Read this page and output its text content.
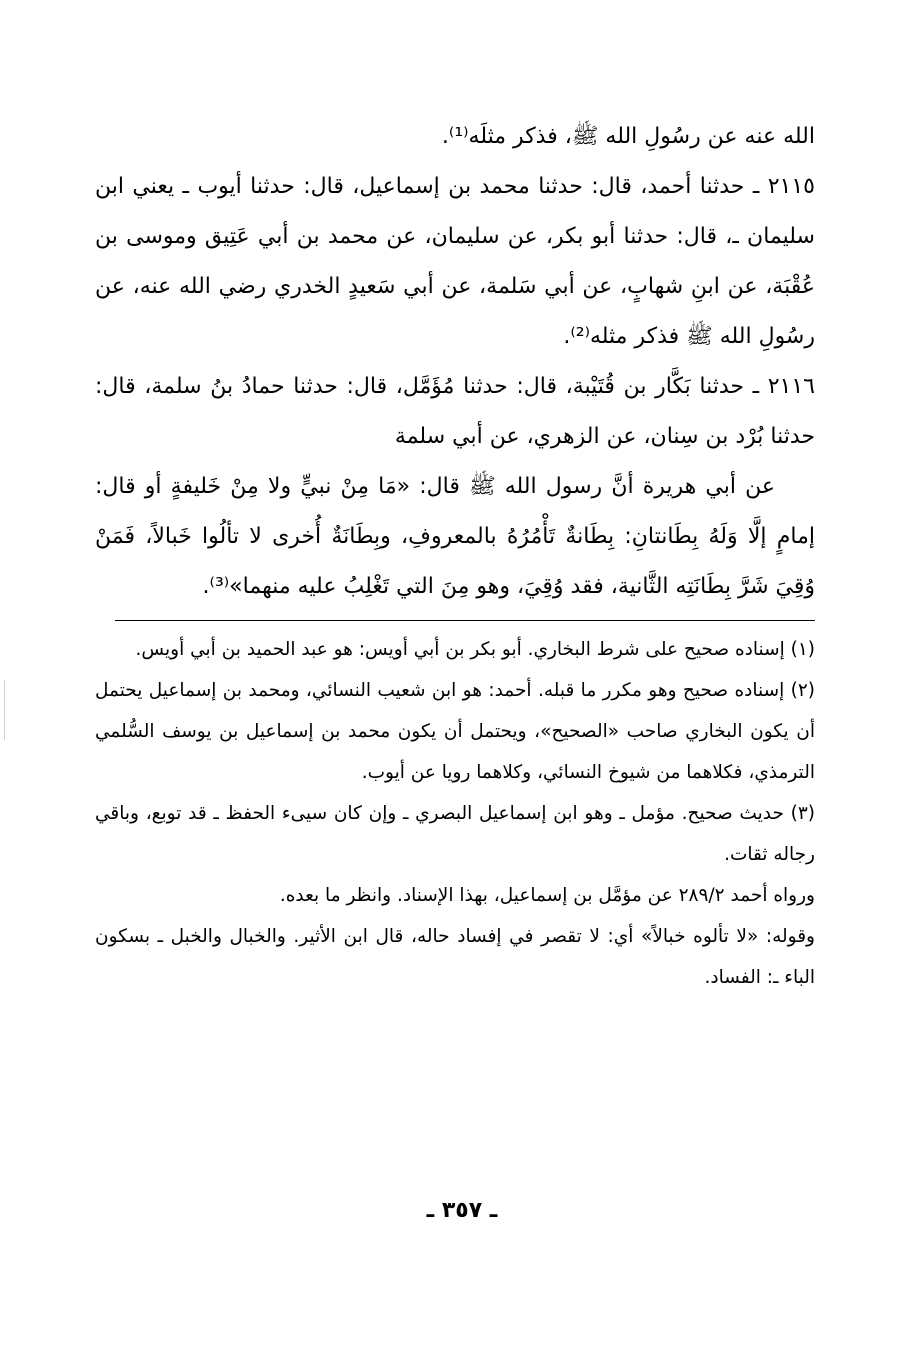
الله عنه عن رسُولِ الله ﷺ، فذكر مثلَه⁽¹⁾.

٢١١٥ ـ حدثنا أحمد، قال: حدثنا محمد بن إسماعيل، قال: حدثنا أيوب ـ يعني ابن سليمان ـ، قال: حدثنا أبو بكر، عن سليمان، عن محمد بن أبي عَتِيق وموسى بن عُقْبَة، عن ابنِ شهابٍ، عن أبي سَلمة، عن أبي سَعيدٍ الخدري رضي الله عنه، عن رسُولِ الله ﷺ فذكر مثله⁽²⁾.

٢١١٦ ـ حدثنا بَكَّار بن قُتَيْبة، قال: حدثنا مُؤَمَّل، قال: حدثنا حمادُ بنُ سلمة، قال: حدثنا بُرْد بن سِنان، عن الزهري، عن أبي سلمة

عن أبي هريرة أنَّ رسول الله ﷺ قال: «مَا مِنْ نبيٍّ ولا مِنْ خَليفةٍ أو قال: إمامٍ إلَّا وَلَهُ بِطَانتانِ: بِطَانةٌ تَأْمُرُهُ بالمعروفِ، وبِطَانَةٌ أُخرى لا تألُوا خَبالاً، فَمَنْ وُقِيَ شَرَّ بِطَانَتِه الثَّانية، فقد وُقِيَ، وهو مِنَ التي تَغْلِبُ عليه منهما»⁽³⁾.

(١) إسناده صحيح على شرط البخاري. أبو بكر بن أبي أويس: هو عبد الحميد بن أبي أويس.

(٢) إسناده صحيح وهو مكرر ما قبله. أحمد: هو ابن شعيب النسائي، ومحمد بن إسماعيل يحتمل أن يكون البخاري صاحب «الصحيح»، ويحتمل أن يكون محمد بن إسماعيل بن يوسف السُّلمي الترمذي، فكلاهما من شيوخ النسائي، وكلاهما رويا عن أيوب.

(٣) حديث صحيح. مؤمل ـ وهو ابن إسماعيل البصري ـ وإن كان سيىء الحفظ ـ قد توبع، وباقي رجاله ثقات.

ورواه أحمد ٢٨٩/٢ عن مؤمَّل بن إسماعيل، بهذا الإسناد. وانظر ما بعده.

وقوله: «لا تألوه خبالاً» أي: لا تقصر في إفساد حاله، قال ابن الأثير. والخبال والخبل ـ بسكون الباء ـ: الفساد.

ـ ٣٥٧ ـ
